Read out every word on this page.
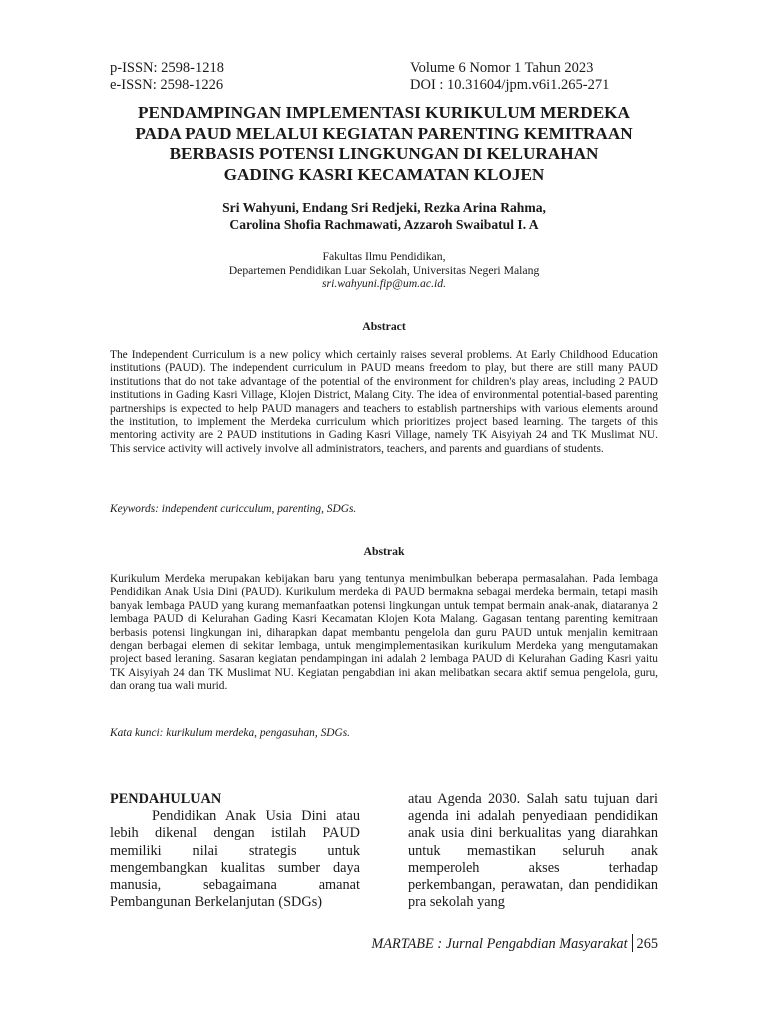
p-ISSN: 2598-1218
e-ISSN: 2598-1226
Volume 6 Nomor 1 Tahun 2023
DOI : 10.31604/jpm.v6i1.265-271
PENDAMPINGAN IMPLEMENTASI KURIKULUM MERDEKA
PADA PAUD MELALUI KEGIATAN PARENTING KEMITRAAN
BERBASIS POTENSI LINGKUNGAN DI KELURAHAN
GADING KASRI KECAMATAN KLOJEN
Sri Wahyuni, Endang Sri Redjeki, Rezka Arina Rahma,
Carolina Shofia Rachmawati, Azzaroh Swaibatul I. A
Fakultas Ilmu Pendidikan,
Departemen Pendidikan Luar Sekolah, Universitas Negeri Malang
sri.wahyuni.fip@um.ac.id.
Abstract
The Independent Curriculum is a new policy which certainly raises several problems. At Early Childhood Education institutions (PAUD). The independent curriculum in PAUD means freedom to play, but there are still many PAUD institutions that do not take advantage of the potential of the environment for children's play areas, including 2 PAUD institutions in Gading Kasri Village, Klojen District, Malang City. The idea of environmental potential-based parenting partnerships is expected to help PAUD managers and teachers to establish partnerships with various elements around the institution, to implement the Merdeka curriculum which prioritizes project based learning. The targets of this mentoring activity are 2 PAUD institutions in Gading Kasri Village, namely TK Aisyiyah 24 and TK Muslimat NU. This service activity will actively involve all administrators, teachers, and parents and guardians of students.
Keywords: independent curicculum, parenting, SDGs.
Abstrak
Kurikulum Merdeka merupakan kebijakan baru yang tentunya menimbulkan beberapa permasalahan. Pada lembaga Pendidikan Anak Usia Dini (PAUD). Kurikulum merdeka di PAUD bermakna sebagai merdeka bermain, tetapi masih banyak lembaga PAUD yang kurang memanfaatkan potensi lingkungan untuk tempat bermain anak-anak, diataranya 2 lembaga PAUD di Kelurahan Gading Kasri Kecamatan Klojen Kota Malang. Gagasan tentang parenting kemitraan berbasis potensi lingkungan ini, diharapkan dapat membantu pengelola dan guru PAUD untuk menjalin kemitraan dengan berbagai elemen di sekitar lembaga, untuk mengimplementasikan kurikulum Merdeka yang mengutamakan project based leraning. Sasaran kegiatan pendampingan ini adalah 2 lembaga PAUD di Kelurahan Gading Kasri yaitu TK Aisyiyah 24 dan TK Muslimat NU. Kegiatan pengabdian ini akan melibatkan secara aktif semua pengelola, guru, dan orang tua wali murid.
Kata kunci: kurikulum merdeka, pengasuhan, SDGs.
PENDAHULUAN
Pendidikan Anak Usia Dini atau lebih dikenal dengan istilah PAUD memiliki nilai strategis untuk mengembangkan kualitas sumber daya manusia, sebagaimana amanat Pembangunan Berkelanjutan (SDGs)
atau Agenda 2030. Salah satu tujuan dari agenda ini adalah penyediaan pendidikan anak usia dini berkualitas yang diarahkan untuk memastikan seluruh anak memperoleh akses terhadap perkembangan, perawatan, dan pendidikan pra sekolah yang
MARTABE : Jurnal Pengabdian Masyarakat 265
